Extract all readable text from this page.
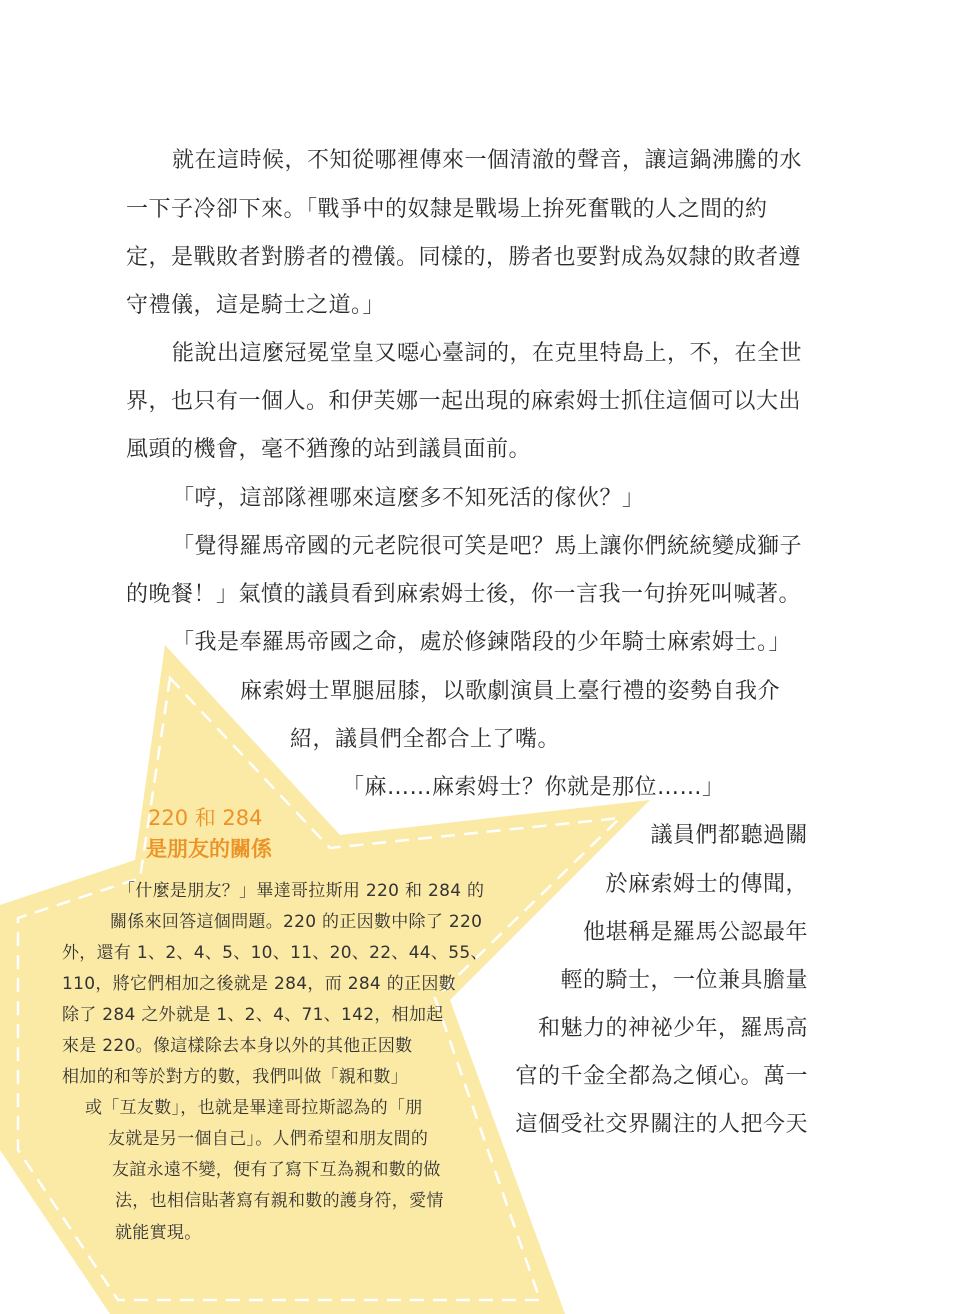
就在這時候，不知從哪裡傳來一個清澈的聲音，讓這鍋沸騰的水
一下子冷卻下來。「戰爭中的奴隸是戰場上拚死奮戰的人之間的約
定，是戰敗者對勝者的禮儀。同樣的，勝者也要對成為奴隸的敗者遵
守禮儀，這是騎士之道。」
能說出這麼冠冕堂皇又噁心臺詞的，在克里特島上，不，在全世
界，也只有一個人。和伊芙娜一起出現的麻索姆士抓住這個可以大出
風頭的機會，毫不猶豫的站到議員面前。
「哼，這部隊裡哪來這麼多不知死活的傢伙？」
「覺得羅馬帝國的元老院很可笑是吧？馬上讓你們統統變成獅子
的晚餐！」氣憤的議員看到麻索姆士後，你一言我一句拚死叫喊著。
「我是奉羅馬帝國之命，處於修鍊階段的少年騎士麻索姆士。」
麻索姆士單腿屈膝，以歌劇演員上臺行禮的姿勢自我介
紹，議員們全都合上了嘴。
「麻……麻索姆士？你就是那位……」
議員們都聽過關
於麻索姆士的傳聞，
他堪稱是羅馬公認最年
輕的騎士，一位兼具膽量
和魅力的神祕少年，羅馬高
官的千金全都為之傾心。萬一
這個受社交界關注的人把今天
220 和 284
是朋友的關係
「什麼是朋友？」畢達哥拉斯用 220 和 284 的
關係來回答這個問題。220 的正因數中除了 220
外，還有 1、2、4、5、10、11、20、22、44、55、
110，將它們相加之後就是 284，而 284 的正因數
除了 284 之外就是 1、2、4、71、142，相加起
來是 220。像這樣除去本身以外的其他正因數
相加的和等於對方的數，我們叫做「親和數」
或「互友數」，也就是畢達哥拉斯認為的「朋
友就是另一個自己」。人們希望和朋友間的
友誼永遠不變，便有了寫下互為親和數的做
法，也相信貼著寫有親和數的護身符，愛情
就能實現。
